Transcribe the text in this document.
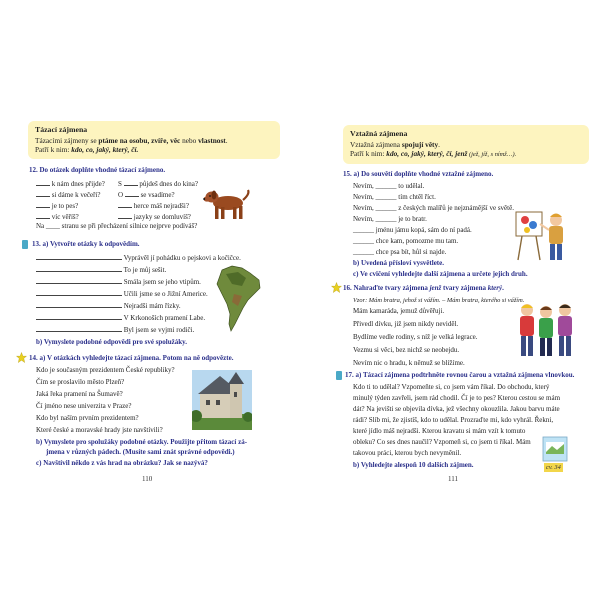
Tázací zájmena
Tázacími zájmeny se ptáme na osobu, zvíře, věc nebo vlastnost.
Patří k nim: kdo, co, jaký, který, čí.
12. Do otázek doplňte vhodné tázací zájmeno.
k nám dnes přijde? S	půjdeš dnes do kina?
si dáme k večeři? O	se vsadíme?
je to pes?	herce máš nejradši?
víc věříš?	jazyky se domluvíš?
Na ____ stranu se při přecházení silnice nejprve podíváš?
13. a) Vytvořte otázky k odpovědím.
Vyprávěl jí pohádku o pejskovi a kočičce.
To je můj sešit.
Smála jsem se jeho vtipům.
Učili jsme se o Jižní Americe.
Nejradši mám řízky.
V Krkonoších pramení Labe.
Byl jsem se vyjmi rodiči.
b) Vymyslete podobné odpovědi pro své spolužáky.
14. a) V otázkách vyhledejte tázací zájmena. Potom na ně odpovězte.
Kdo je současným prezidentem České republiky?
Čím se proslavilo město Plzeň?
Jaká řeka pramení na Šumavě?
Čí jméno nese univerzita v Praze?
Kdo byl naším prvním prezidentem?
Které české a moravské hrady jste navštívili?
b) Vymyslete pro spolužáky podobné otázky. Použijte přitom tázací zá-
jmena v různých pádech. (Musíte sami znát správné odpovědi.)
c) Navštívil někdo z vás hrad na obrázku? Jak se nazývá?
110
Vztažná zájmena
Vztažná zájmena spojují věty.
Patří k nim: kdo, co, jaký, který, čí, jenž (jež, jíž, s nímž…).
15. a) Do souvětí doplňte vhodné vztažné zájmeno.
Nevím, ______ to udělal.
Nevím, ______ tím chtěl říct.
Nevím, ______ z českých malířů je nejznámější ve světě.
Nevím, ______ je to bratr.
______ jménu jámu kopá, sám do ní padá.
______ chce kam, pomozme mu tam.
______ chce psa bít, hůl si najde.
b) Uvedená přísloví vysvětlete.
c) Ve cvičení vyhledejte další zájmena a určete jejich druh.
16. Nahraďte tvary zájmena jenž tvary zájmena který.
Vzor: Mám bratra, jehož si vážím. – Mám bratra, kterého si vážím.
Mám kamaráda, jemuž důvěřuji.
Přivedl dívku, již jsem nikdy neviděl.
Bydlíme vedle rodiny, s níž je velká legrace.
Vezmu si věci, bez nichž se neobejdu.
Nevím nic o hradu, k němuž se blížíme.
17. a) Tázací zájmena podtrhněte rovnou čarou a vztažná zájmena vlnovkou.
Kdo ti to udělal? Vzpomeňte si, co jsem vám říkal. Do obchodu, který
minulý týden zavřeli, jsem rád chodil. Čí je to pes? Kterou cestou se mám
dát? Na jevišti se objevila dívka, jež všechny okouzlila. Jakou barvu máte
rádi? Slíb mi, že zjistíš, kdo to udělal. Prozraďte mi, kdo vyhrál. Řekni,
které jídlo máš nejradši. Kterou kravatu si mám vzít k tomuto
obleku? Co ses dnes naučil? Vzpomeň si, co jsem ti říkal. Mám
takovou práci, kterou bych nevyměnil.
b) Vyhledejte alespoň 10 dalších zájmen.	cv. 34
111
